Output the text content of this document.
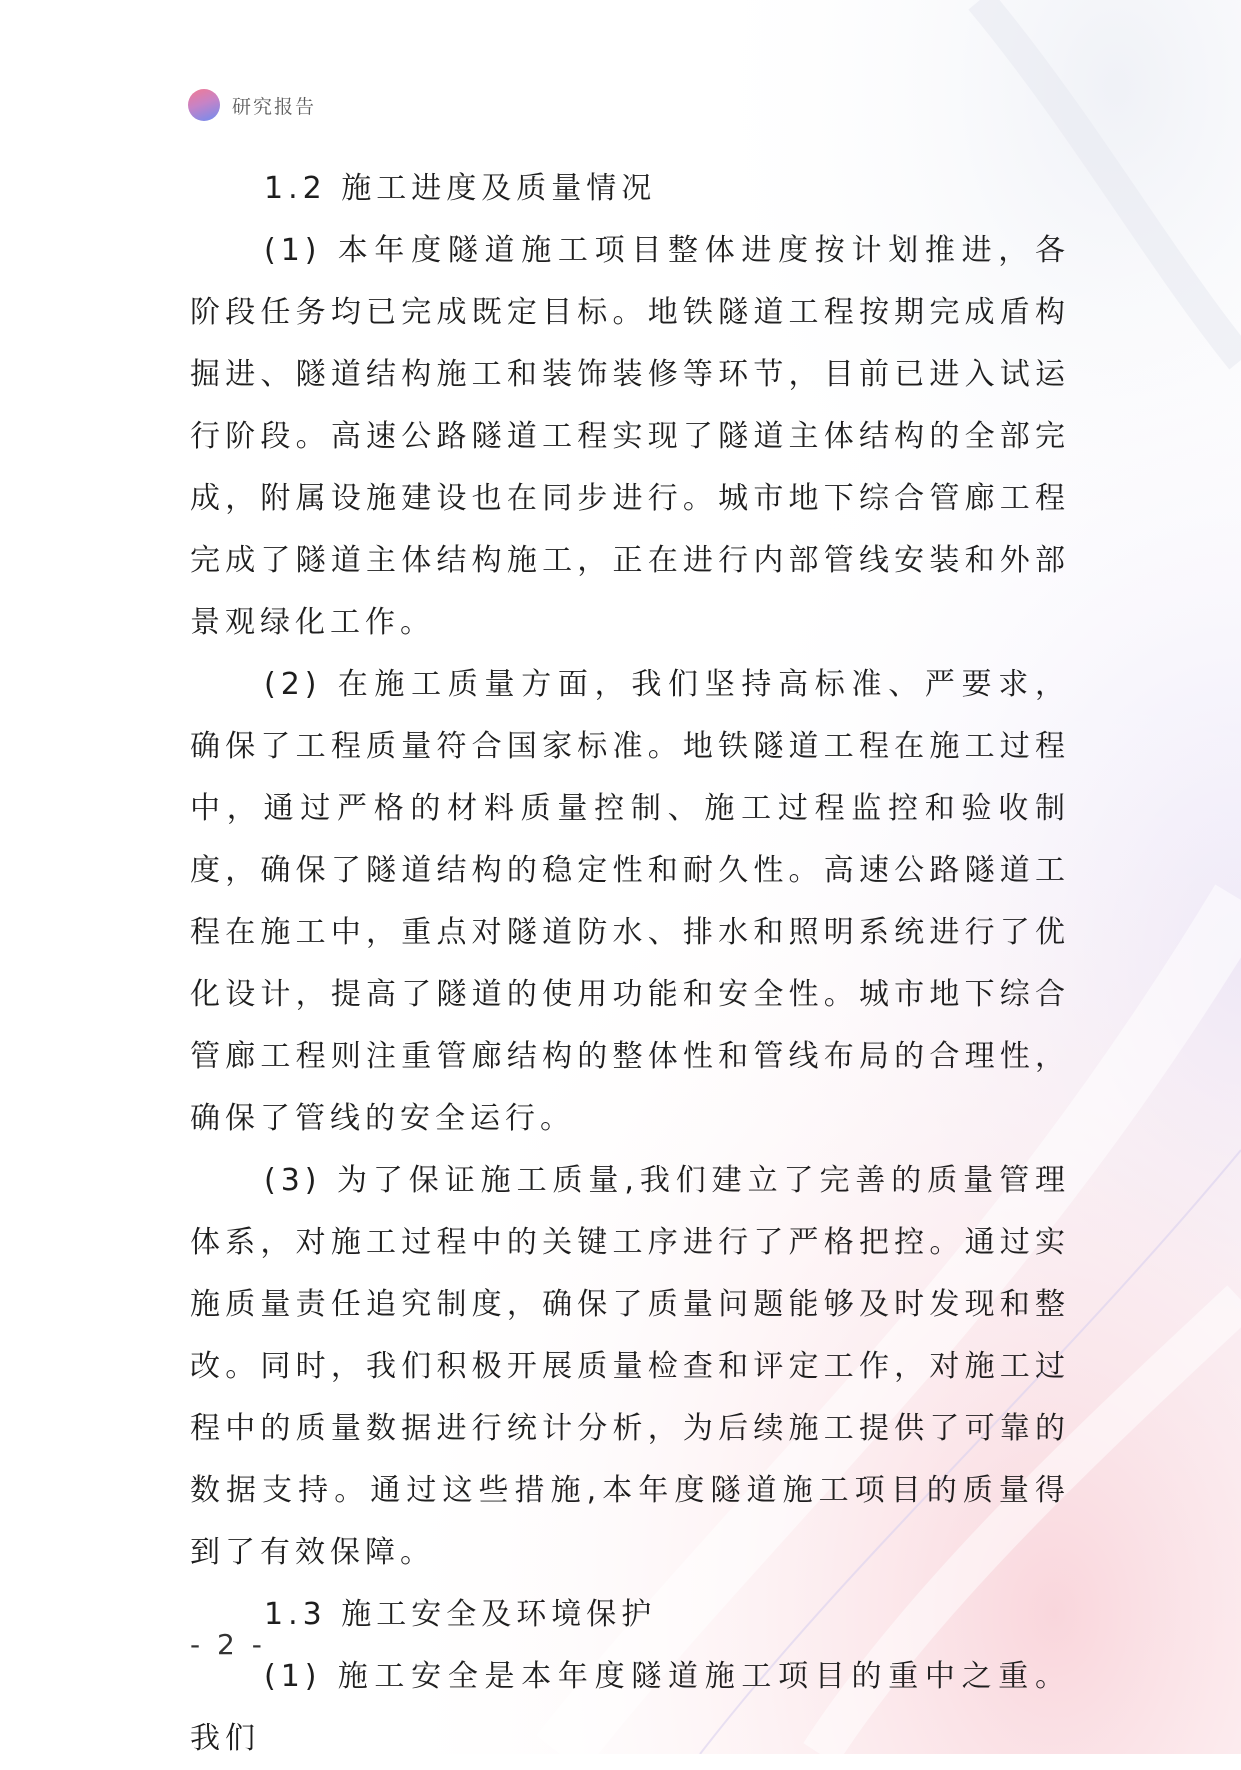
研究报告

1.2 施工进度及质量情况

(1) 本年度隧道施工项目整体进度按计划推进，各阶段任务均已完成既定目标。地铁隧道工程按期完成盾构掘进、隧道结构施工和装饰装修等环节，目前已进入试运行阶段。高速公路隧道工程实现了隧道主体结构的全部完成，附属设施建设也在同步进行。城市地下综合管廊工程完成了隧道主体结构施工，正在进行内部管线安装和外部景观绿化工作。

(2) 在施工质量方面，我们坚持高标准、严要求，确保了工程质量符合国家标准。地铁隧道工程在施工过程中，通过严格的材料质量控制、施工过程监控和验收制度，确保了隧道结构的稳定性和耐久性。高速公路隧道工程在施工中，重点对隧道防水、排水和照明系统进行了优化设计，提高了隧道的使用功能和安全性。城市地下综合管廊工程则注重管廊结构的整体性和管线布局的合理性，确保了管线的安全运行。

(3) 为了保证施工质量,我们建立了完善的质量管理体系，对施工过程中的关键工序进行了严格把控。通过实施质量责任追究制度，确保了质量问题能够及时发现和整改。同时，我们积极开展质量检查和评定工作，对施工过程中的质量数据进行统计分析，为后续施工提供了可靠的数据支持。通过这些措施,本年度隧道施工项目的质量得到了有效保障。

1.3 施工安全及环境保护

(1) 施工安全是本年度隧道施工项目的重中之重。我们

- 2 -
